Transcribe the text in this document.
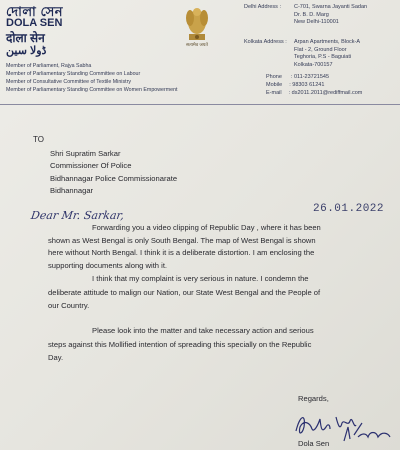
দোলা সেন
DOLA SEN
दोला सेन
ڈولا سین
Member of Parliament, Rajya Sabha
Member of Parliamentary Standing Committee on Labour
Member of Consultative Committee of Textile Ministry
Member of Parliamentary Standing Committee on Women Empowerment
सत्यमेव जयते
Delhi Address : C-701, Swarna Jayanti Sadan
Dr. B. D. Marg
New Delhi-110001
Kolkata Address : Arpan Apartments, Block-A
Flat - 2, Ground Floor
Teghoria, P.S - Baguiati
Kolkata-700157
Phone : 011-23721545
Mobile : 98303 61241
E-mail : ds2011.2011@rediffmail.com
TO
Shri Supratim Sarkar
Commissioner Of Police
Bidhannagar Police Commissionarate
Bidhannagar
26.01.2022
Dear Mr. Sarkar,
Forwarding you a video clipping of Republic Day , where it has been
shown as West Bengal is only South Bengal. The map of West Bengal is shown
here without North Bengal. I think it is a deliberate distortion. I am enclosing the
supporting documents along with it.
I think that my complaint is very serious in nature. I condemn the
deliberate attitude to malign our Nation, our State West Bengal and the People of
our Country.
Please look into the matter and take necessary action and serious
steps against this Mollified intention of spreading this specially on the Republic
Day.
Regards,
Dola Sen
